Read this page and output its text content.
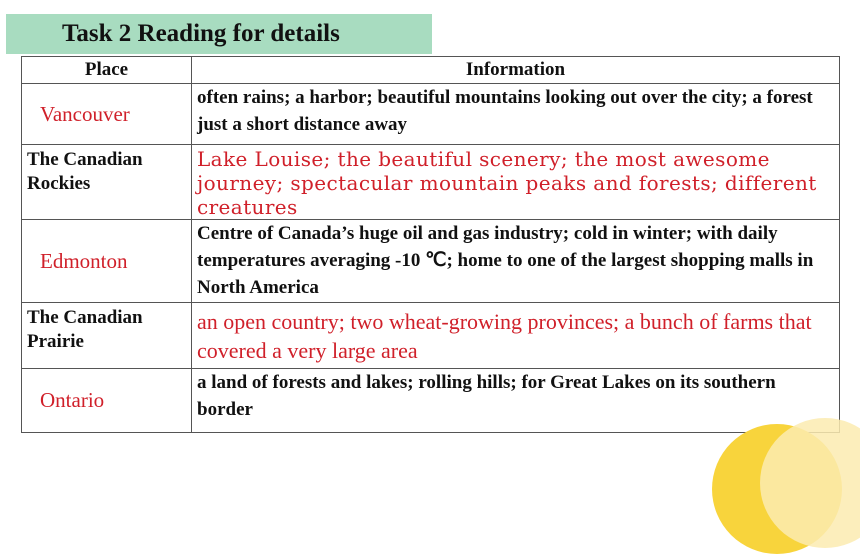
Task 2 Reading for details
Place	Information
Vancouver	often rains; a harbor; beautiful mountains looking out over the city; a forest just a short distance away
The Canadian Rockies	Lake Louise; the beautiful scenery; the most awesome journey; spectacular mountain peaks and forests; different creatures
Edmonton	Centre of Canada’s huge oil and gas industry; cold in winter; with daily temperatures averaging -10 ℃; home to one of the largest shopping malls in North America
The Canadian Prairie	an open country; two wheat-growing provinces; a bunch of farms that covered a very large area
Ontario	a land of forests and lakes; rolling hills; for Great Lakes on its southern border
